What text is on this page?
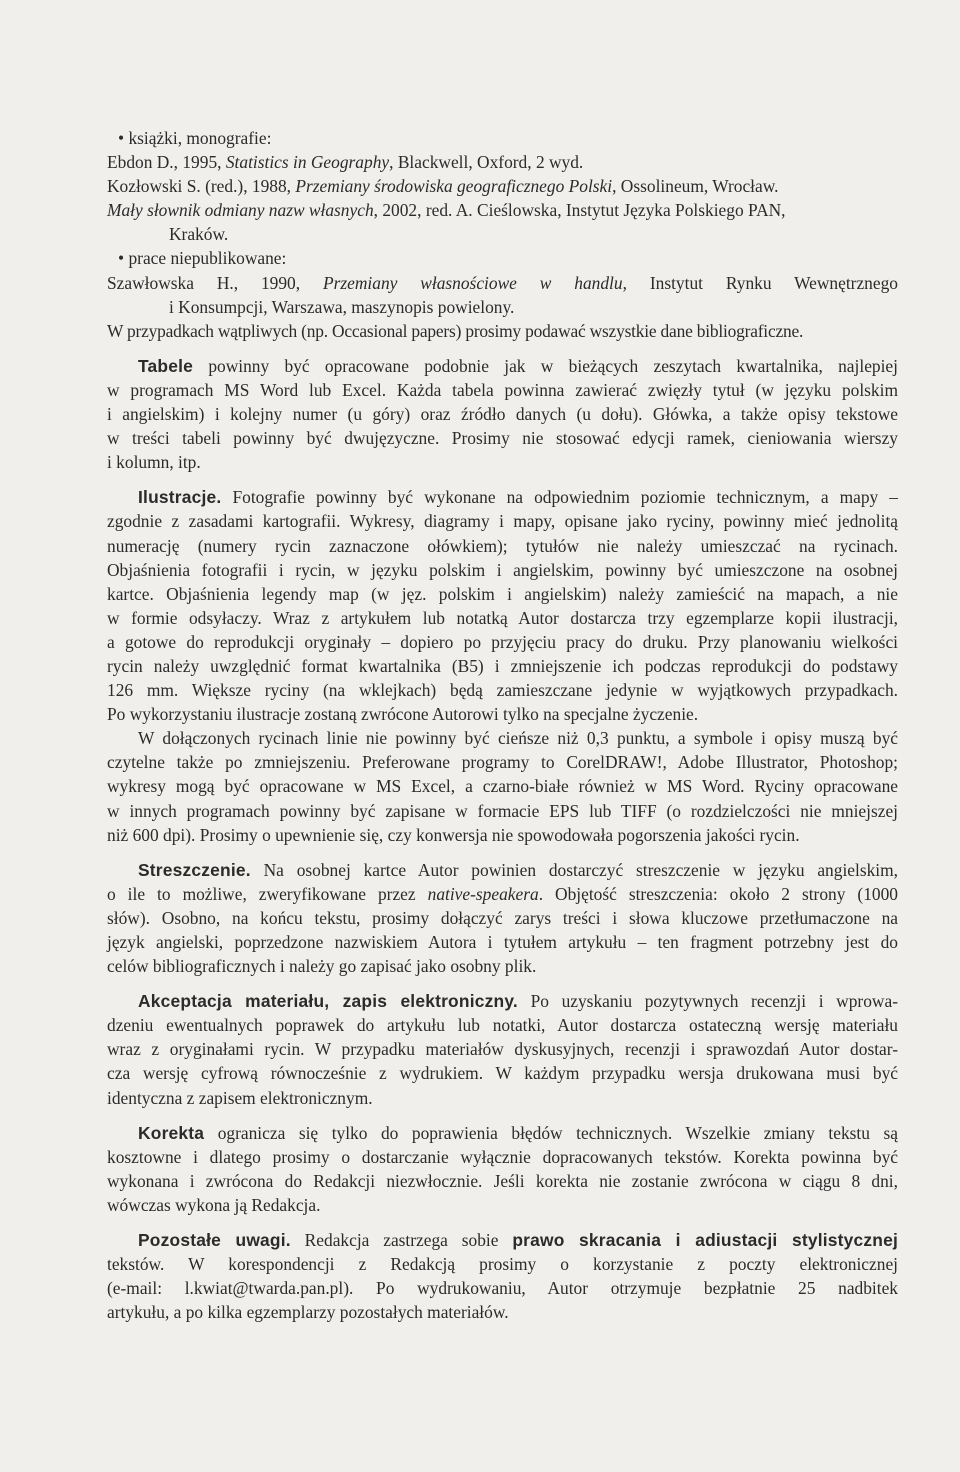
• książki, monografie:
Ebdon D., 1995, Statistics in Geography, Blackwell, Oxford, 2 wyd.
Kozłowski S. (red.), 1988, Przemiany środowiska geograficznego Polski, Ossolineum, Wrocław.
Mały słownik odmiany nazw własnych, 2002, red. A. Cieślowska, Instytut Języka Polskiego PAN,
Kraków.
• prace niepublikowane:
Szawłowska H., 1990, Przemiany własnościowe w handlu, Instytut Rynku Wewnętrznego
i Konsumpcji, Warszawa, maszynopis powielony.
W przypadkach wątpliwych (np. Occasional papers) prosimy podawać wszystkie dane bibliograficzne.
Tabele powinny być opracowane podobnie jak w bieżących zeszytach kwartalnika, najlepiej
w programach MS Word lub Excel. Każda tabela powinna zawierać zwięzły tytuł (w języku polskim
i angielskim) i kolejny numer (u góry) oraz źródło danych (u dołu). Główka, a także opisy tekstowe
w treści tabeli powinny być dwujęzyczne. Prosimy nie stosować edycji ramek, cieniowania wierszy
i kolumn, itp.
Ilustracje. Fotografie powinny być wykonane na odpowiednim poziomie technicznym, a mapy –
zgodnie z zasadami kartografii. Wykresy, diagramy i mapy, opisane jako ryciny, powinny mieć jednolitą
numerację (numery rycin zaznaczone ołówkiem); tytułów nie należy umieszczać na rycinach.
Objaśnienia fotografii i rycin, w języku polskim i angielskim, powinny być umieszczone na osobnej
kartce. Objaśnienia legendy map (w jęz. polskim i angielskim) należy zamieścić na mapach, a nie
w formie odsyłaczy. Wraz z artykułem lub notatką Autor dostarcza trzy egzemplarze kopii ilustracji,
a gotowe do reprodukcji oryginały – dopiero po przyjęciu pracy do druku. Przy planowaniu wielkości
rycin należy uwzględnić format kwartalnika (B5) i zmniejszenie ich podczas reprodukcji do podstawy
126 mm. Większe ryciny (na wklejkach) będą zamieszczane jedynie w wyjątkowych przypadkach.
Po wykorzystaniu ilustracje zostaną zwrócone Autorowi tylko na specjalne życzenie.
W dołączonych rycinach linie nie powinny być cieńsze niż 0,3 punktu, a symbole i opisy muszą być
czytelne także po zmniejszeniu. Preferowane programy to CorelDRAW!, Adobe Illustrator, Photoshop;
wykresy mogą być opracowane w MS Excel, a czarno-białe również w MS Word. Ryciny opracowane
w innych programach powinny być zapisane w formacie EPS lub TIFF (o rozdzielczości nie mniejszej
niż 600 dpi). Prosimy o upewnienie się, czy konwersja nie spowodowała pogorszenia jakości rycin.
Streszczenie. Na osobnej kartce Autor powinien dostarczyć streszczenie w języku angielskim,
o ile to możliwe, zweryfikowane przez native-speakera. Objętość streszczenia: około 2 strony (1000
słów). Osobno, na końcu tekstu, prosimy dołączyć zarys treści i słowa kluczowe przetłumaczone na
język angielski, poprzedzone nazwiskiem Autora i tytułem artykułu – ten fragment potrzebny jest do
celów bibliograficznych i należy go zapisać jako osobny plik.
Akceptacja materiału, zapis elektroniczny. Po uzyskaniu pozytywnych recenzji i wprowa-
dzeniu ewentualnych poprawek do artykułu lub notatki, Autor dostarcza ostateczną wersję materiału
wraz z oryginałami rycin. W przypadku materiałów dyskusyjnych, recenzji i sprawozdań Autor dostar-
cza wersję cyfrową równocześnie z wydrukiem. W każdym przypadku wersja drukowana musi być
identyczna z zapisem elektronicznym.
Korekta ogranicza się tylko do poprawienia błędów technicznych. Wszelkie zmiany tekstu są
kosztowne i dlatego prosimy o dostarczanie wyłącznie dopracowanych tekstów. Korekta powinna być
wykonana i zwrócona do Redakcji niezwłocznie. Jeśli korekta nie zostanie zwrócona w ciągu 8 dni,
wówczas wykona ją Redakcja.
Pozostałe uwagi. Redakcja zastrzega sobie prawo skracania i adiustacji stylistycznej
tekstów. W korespondencji z Redakcją prosimy o korzystanie z poczty elektronicznej
(e-mail: l.kwiat@twarda.pan.pl). Po wydrukowaniu, Autor otrzymuje bezpłatnie 25 nadbitek
artykułu, a po kilka egzemplarzy pozostałych materiałów.
